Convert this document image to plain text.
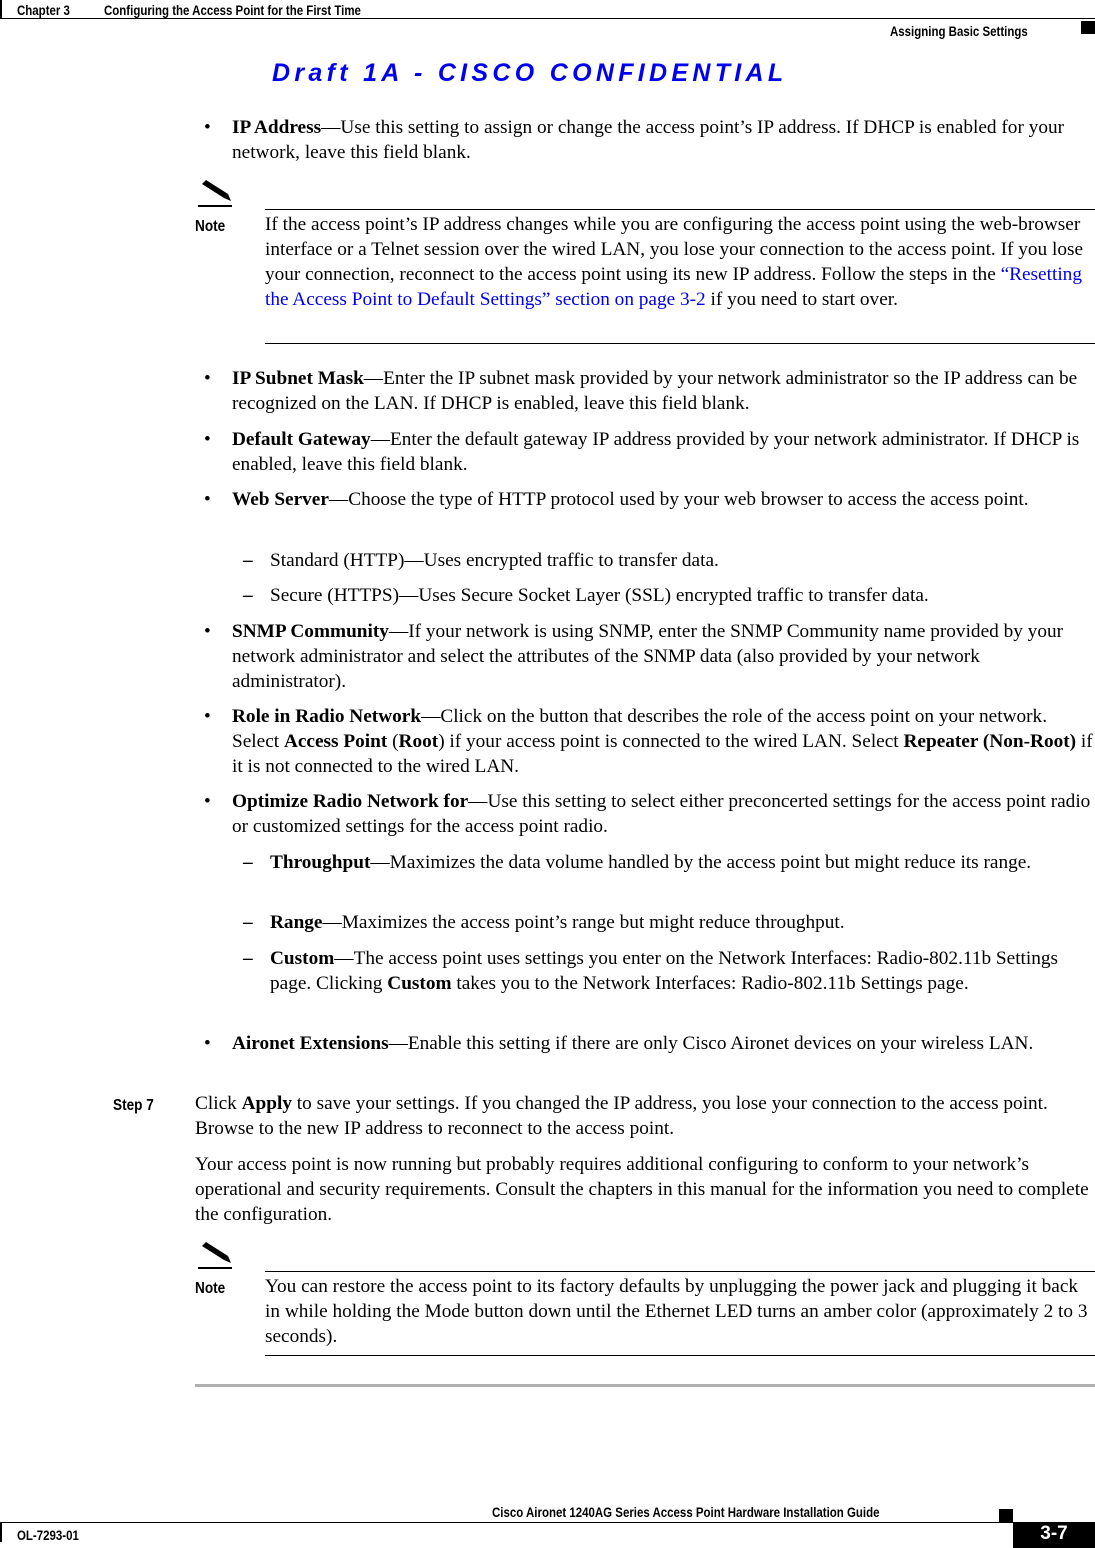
Chapter 3	Configuring the Access Point for the First Time
Assigning Basic Settings
Draft 1A - CISCO CONFIDENTIAL
• IP Address—Use this setting to assign or change the access point’s IP address. If DHCP is enabled for your network, leave this field blank.
Note If the access point’s IP address changes while you are configuring the access point using the web-browser interface or a Telnet session over the wired LAN, you lose your connection to the access point. If you lose your connection, reconnect to the access point using its new IP address. Follow the steps in the “Resetting the Access Point to Default Settings” section on page 3-2 if you need to start over.
• IP Subnet Mask—Enter the IP subnet mask provided by your network administrator so the IP address can be recognized on the LAN. If DHCP is enabled, leave this field blank.
• Default Gateway—Enter the default gateway IP address provided by your network administrator. If DHCP is enabled, leave this field blank.
• Web Server—Choose the type of HTTP protocol used by your web browser to access the access point.
– Standard (HTTP)—Uses encrypted traffic to transfer data.
– Secure (HTTPS)—Uses Secure Socket Layer (SSL) encrypted traffic to transfer data.
• SNMP Community—If your network is using SNMP, enter the SNMP Community name provided by your network administrator and select the attributes of the SNMP data (also provided by your network administrator).
• Role in Radio Network—Click on the button that describes the role of the access point on your network. Select Access Point (Root) if your access point is connected to the wired LAN. Select Repeater (Non-Root) if it is not connected to the wired LAN.
• Optimize Radio Network for—Use this setting to select either preconcerted settings for the access point radio or customized settings for the access point radio.
– Throughput—Maximizes the data volume handled by the access point but might reduce its range.
– Range—Maximizes the access point’s range but might reduce throughput.
– Custom—The access point uses settings you enter on the Network Interfaces: Radio-802.11b Settings page. Clicking Custom takes you to the Network Interfaces: Radio-802.11b Settings page.
• Aironet Extensions—Enable this setting if there are only Cisco Aironet devices on your wireless LAN.
Step 7 Click Apply to save your settings. If you changed the IP address, you lose your connection to the access point. Browse to the new IP address to reconnect to the access point.
Your access point is now running but probably requires additional configuring to conform to your network’s operational and security requirements. Consult the chapters in this manual for the information you need to complete the configuration.
Note You can restore the access point to its factory defaults by unplugging the power jack and plugging it back in while holding the Mode button down until the Ethernet LED turns an amber color (approximately 2 to 3 seconds).
Cisco Aironet 1240AG Series Access Point Hardware Installation Guide
OL-7293-01	3-7
